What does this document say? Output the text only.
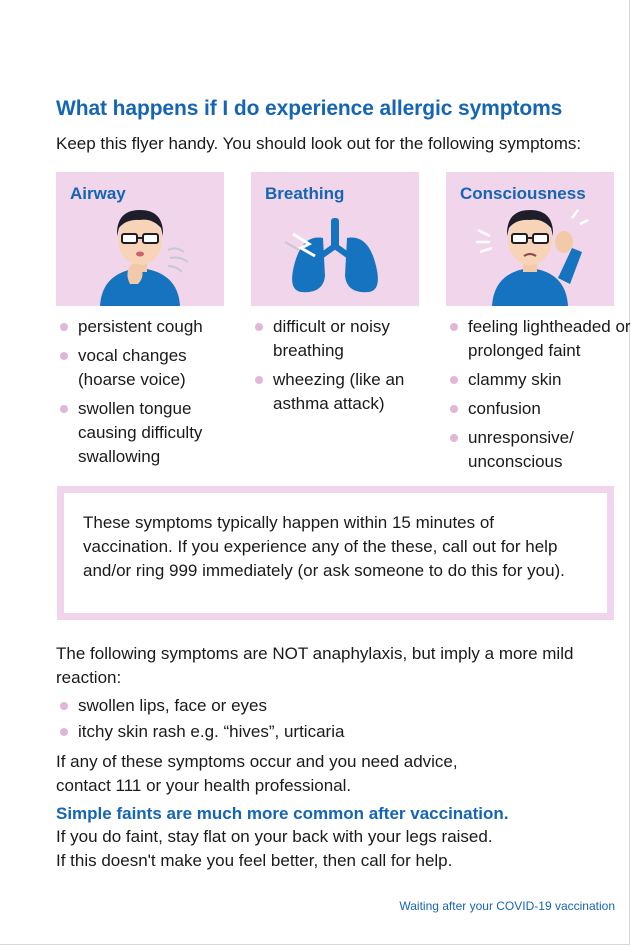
What happens if I do experience allergic symptoms
Keep this flyer handy. You should look out for the following symptoms:
Airway	Breathing	Consciousness
persistent cough
vocal changes (hoarse voice)
swollen tongue causing difficulty swallowing
difficult or noisy breathing
wheezing (like an asthma attack)
feeling lightheaded or prolonged faint
clammy skin
confusion
unresponsive/ unconscious
These symptoms typically happen within 15 minutes of vaccination. If you experience any of the these, call out for help and/or ring 999 immediately (or ask someone to do this for you).
The following symptoms are NOT anaphylaxis, but imply a more mild reaction:
swollen lips, face or eyes
itchy skin rash e.g. “hives”, urticaria
If any of these symptoms occur and you need advice, contact 111 or your health professional.
Simple faints are much more common after vaccination.
If you do faint, stay flat on your back with your legs raised.
If this doesn't make you feel better, then call for help.
Waiting after your COVID-19 vaccination
